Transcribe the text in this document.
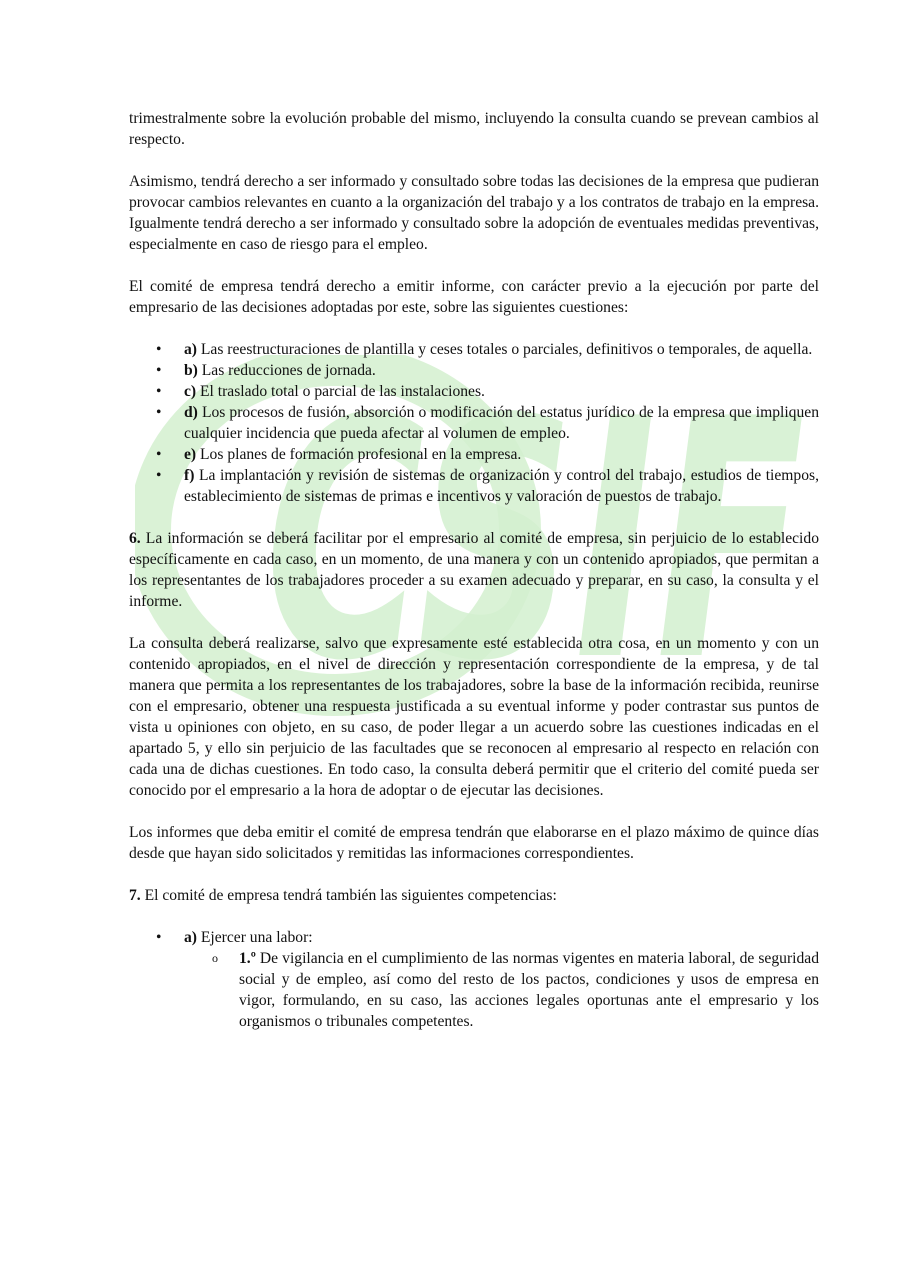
CSIF

trimestralmente sobre la evolución probable del mismo, incluyendo la consulta cuando se prevean cambios al respecto.

Asimismo, tendrá derecho a ser informado y consultado sobre todas las decisiones de la empresa que pudieran provocar cambios relevantes en cuanto a la organización del trabajo y a los contratos de trabajo en la empresa. Igualmente tendrá derecho a ser informado y consultado sobre la adopción de eventuales medidas preventivas, especialmente en caso de riesgo para el empleo.

El comité de empresa tendrá derecho a emitir informe, con carácter previo a la ejecución por parte del empresario de las decisiones adoptadas por este, sobre las siguientes cuestiones:

• a) Las reestructuraciones de plantilla y ceses totales o parciales, definitivos o temporales, de aquella.
• b) Las reducciones de jornada.
• c) El traslado total o parcial de las instalaciones.
• d) Los procesos de fusión, absorción o modificación del estatus jurídico de la empresa que impliquen cualquier incidencia que pueda afectar al volumen de empleo.
• e) Los planes de formación profesional en la empresa.
• f) La implantación y revisión de sistemas de organización y control del trabajo, estudios de tiempos, establecimiento de sistemas de primas e incentivos y valoración de puestos de trabajo.

6. La información se deberá facilitar por el empresario al comité de empresa, sin perjuicio de lo establecido específicamente en cada caso, en un momento, de una manera y con un contenido apropiados, que permitan a los representantes de los trabajadores proceder a su examen adecuado y preparar, en su caso, la consulta y el informe.

La consulta deberá realizarse, salvo que expresamente esté establecida otra cosa, en un momento y con un contenido apropiados, en el nivel de dirección y representación correspondiente de la empresa, y de tal manera que permita a los representantes de los trabajadores, sobre la base de la información recibida, reunirse con el empresario, obtener una respuesta justificada a su eventual informe y poder contrastar sus puntos de vista u opiniones con objeto, en su caso, de poder llegar a un acuerdo sobre las cuestiones indicadas en el apartado 5, y ello sin perjuicio de las facultades que se reconocen al empresario al respecto en relación con cada una de dichas cuestiones. En todo caso, la consulta deberá permitir que el criterio del comité pueda ser conocido por el empresario a la hora de adoptar o de ejecutar las decisiones.

Los informes que deba emitir el comité de empresa tendrán que elaborarse en el plazo máximo de quince días desde que hayan sido solicitados y remitidas las informaciones correspondientes.

7. El comité de empresa tendrá también las siguientes competencias:

• a) Ejercer una labor:
o 1.º De vigilancia en el cumplimiento de las normas vigentes en materia laboral, de seguridad social y de empleo, así como del resto de los pactos, condiciones y usos de empresa en vigor, formulando, en su caso, las acciones legales oportunas ante el empresario y los organismos o tribunales competentes.
